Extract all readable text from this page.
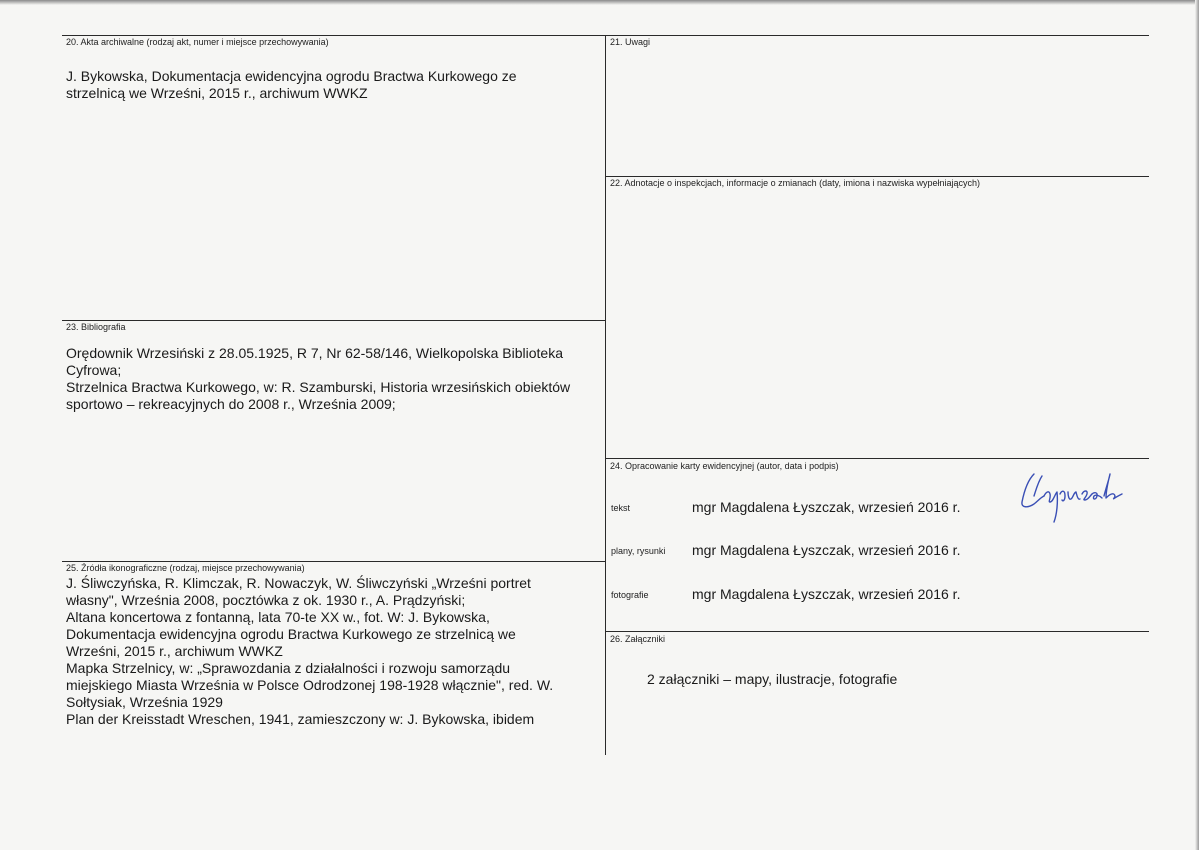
20. Akta archiwalne (rodzaj akt, numer i miejsce przechowywania)
J. Bykowska, Dokumentacja ewidencyjna ogrodu Bractwa Kurkowego ze
strzelnicą we Wrześni, 2015 r., archiwum WWKZ
21. Uwagi
22. Adnotacje o inspekcjach, informacje o zmianach (daty, imiona i nazwiska wypełniających)
23. Bibliografia
Orędownik Wrzesiński z 28.05.1925, R 7, Nr 62-58/146, Wielkopolska Biblioteka
Cyfrowa;
Strzelnica Bractwa Kurkowego, w: R. Szamburski, Historia wrzesińskich obiektów
sportowo – rekreacyjnych do 2008 r., Września 2009;
24. Opracowanie karty ewidencyjnej (autor, data i podpis)
tekst	mgr Magdalena Łyszczak, wrzesień 2016 r.
plany, rysunki mgr Magdalena Łyszczak, wrzesień 2016 r.
fotografie	mgr Magdalena Łyszczak, wrzesień 2016 r.
25. Źródła ikonograficzne (rodzaj, miejsce przechowywania)
J. Śliwczyńska, R. Klimczak, R. Nowaczyk, W. Śliwczyński „Wrześni portret
własny", Września 2008, pocztówka z ok. 1930 r., A. Prądzyński;
Altana koncertowa z fontanną, lata 70-te XX w., fot. W: J. Bykowska,
Dokumentacja ewidencyjna ogrodu Bractwa Kurkowego ze strzelnicą we
Wrześni, 2015 r., archiwum WWKZ
Mapka Strzelnicy, w: „Sprawozdania z działalności i rozwoju samorządu
miejskiego Miasta Września w Polsce Odrodzonej 198-1928 włącznie", red. W.
Sołtysiak, Września 1929
Plan der Kreisstadt Wreschen, 1941, zamieszczony w: J. Bykowska, ibidem
26. Załączniki
2 załączniki – mapy, ilustracje, fotografie
